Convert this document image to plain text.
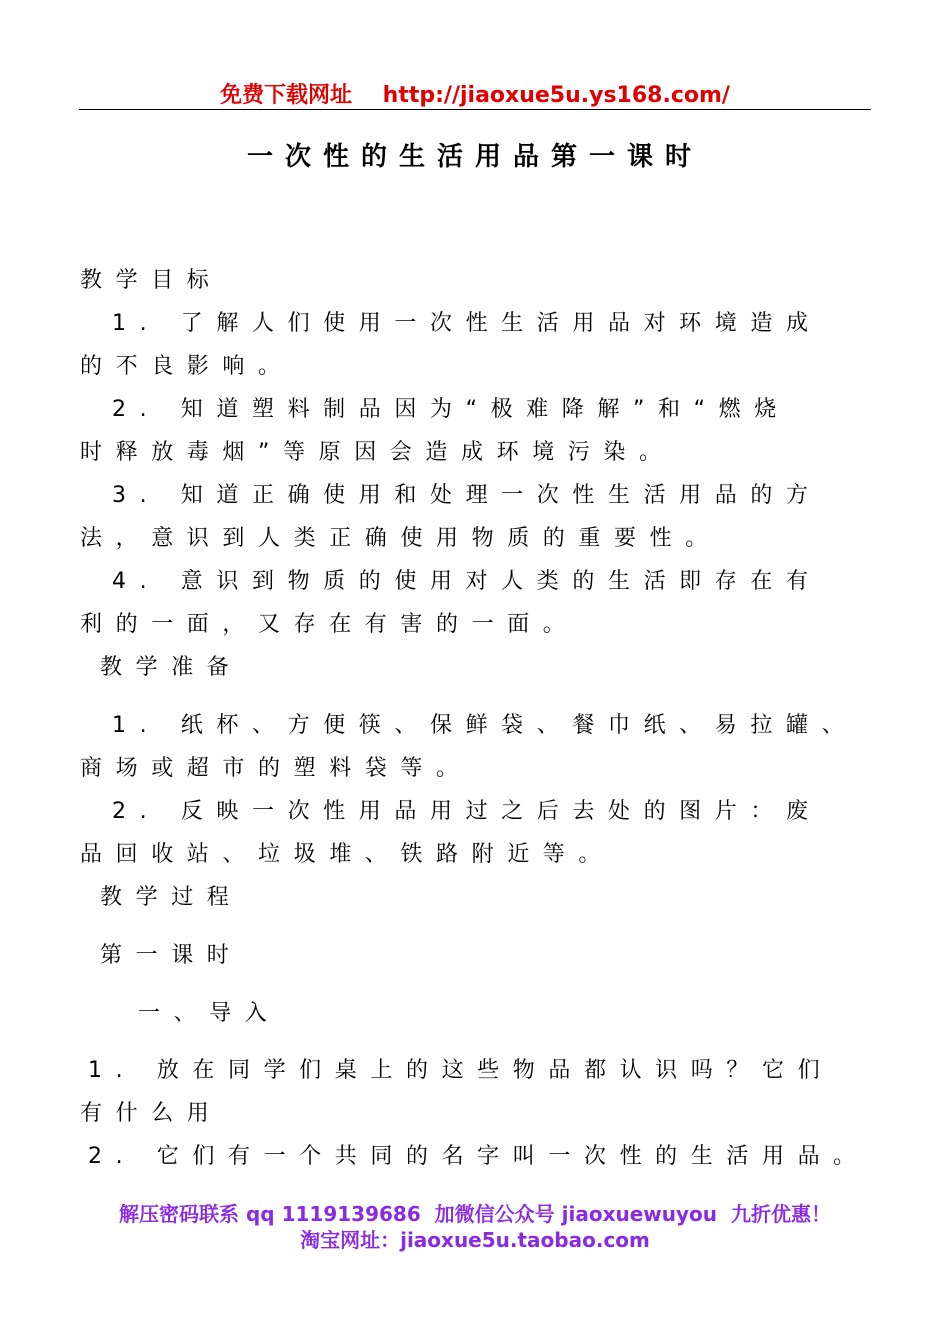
免费下载网址 http://jiaoxue5u.ys168.com/
一次性的生活用品第一课时
教学目标
1. 了解人们使用一次性生活用品对环境造成
的不良影响。
2. 知道塑料制品因为“极难降解”和“燃烧
时释放毒烟”等原因会造成环境污染。
3. 知道正确使用和处理一次性生活用品的方
法，意识到人类正确使用物质的重要性。
4. 意识到物质的使用对人类的生活即存在有
利的一面，又存在有害的一面。
教学准备
1. 纸杯、方便筷、保鲜袋、餐巾纸、易拉罐、
商场或超市的塑料袋等。
2. 反映一次性用品用过之后去处的图片：废
品回收站、垃圾堆、铁路附近等。
教学过程
第一课时
一、导入
1. 放在同学们桌上的这些物品都认识吗？它们
有什么用
2. 它们有一个共同的名字叫一次性的生活用品。
解压密码联系 qq 1119139686  加微信公众号 jiaoxuewuyou  九折优惠！
淘宝网址：jiaoxue5u.taobao.com
